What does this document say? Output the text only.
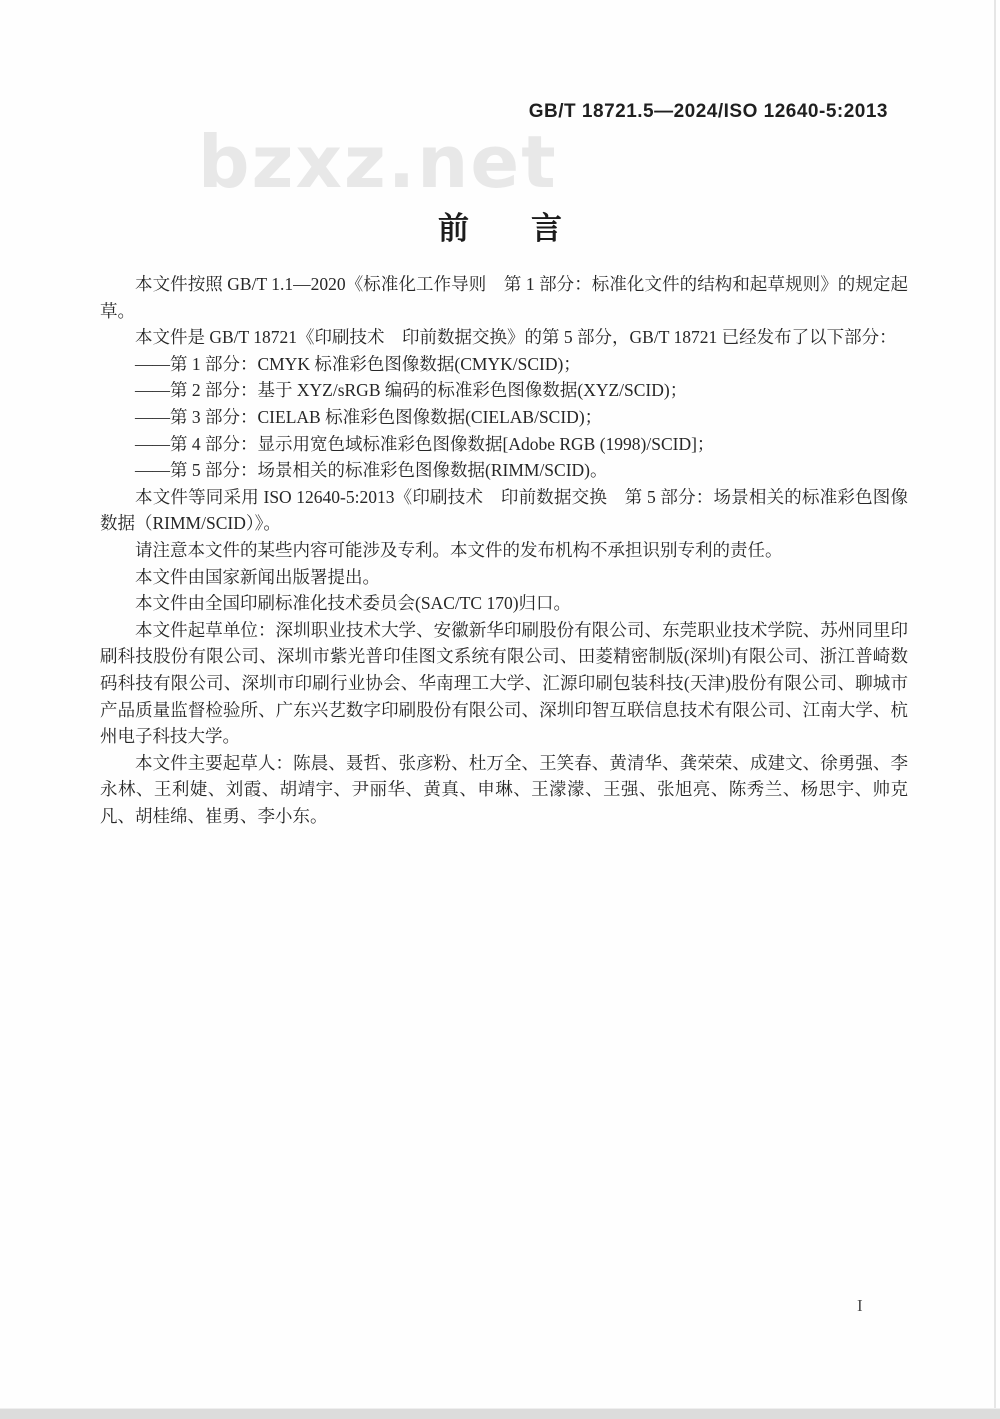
bzxz.net
GB/T 18721.5—2024/ISO 12640-5:2013
前　　言

本文件按照 GB/T 1.1—2020《标准化工作导则　第 1 部分：标准化文件的结构和起草规则》的规定起草。

本文件是 GB/T 18721《印刷技术　印前数据交换》的第 5 部分，GB/T 18721 已经发布了以下部分：

——第 1 部分：CMYK 标准彩色图像数据(CMYK/SCID)；

——第 2 部分：基于 XYZ/sRGB 编码的标准彩色图像数据(XYZ/SCID)；

——第 3 部分：CIELAB 标准彩色图像数据(CIELAB/SCID)；

——第 4 部分：显示用宽色域标准彩色图像数据[Adobe RGB (1998)/SCID]；

——第 5 部分：场景相关的标准彩色图像数据(RIMM/SCID)。

本文件等同采用 ISO 12640-5:2013《印刷技术　印前数据交换　第 5 部分：场景相关的标准彩色图像数据（RIMM/SCID）》。

请注意本文件的某些内容可能涉及专利。本文件的发布机构不承担识别专利的责任。

本文件由国家新闻出版署提出。

本文件由全国印刷标准化技术委员会(SAC/TC 170)归口。

本文件起草单位：深圳职业技术大学、安徽新华印刷股份有限公司、东莞职业技术学院、苏州同里印刷科技股份有限公司、深圳市紫光普印佳图文系统有限公司、田菱精密制版(深圳)有限公司、浙江普崎数码科技有限公司、深圳市印刷行业协会、华南理工大学、汇源印刷包装科技(天津)股份有限公司、聊城市产品质量监督检验所、广东兴艺数字印刷股份有限公司、深圳印智互联信息技术有限公司、江南大学、杭州电子科技大学。

本文件主要起草人：陈晨、聂哲、张彦粉、杜万全、王笑春、黄清华、龚荣荣、成建文、徐勇强、李永林、王利婕、刘霞、胡靖宇、尹丽华、黄真、申琳、王濛濛、王强、张旭亮、陈秀兰、杨思宇、帅克凡、胡桂绵、崔勇、李小东。

I
